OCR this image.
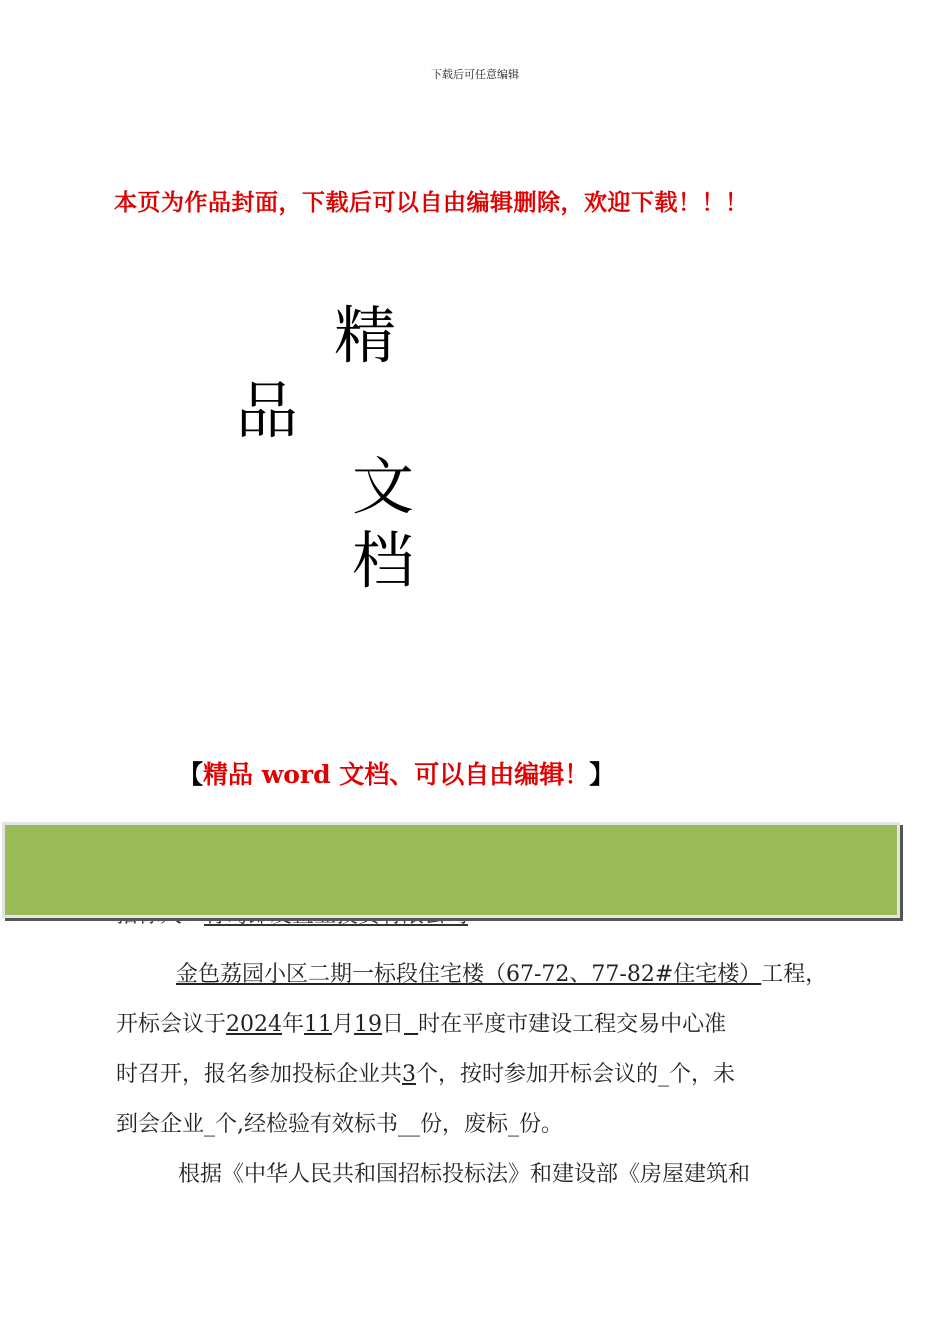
下载后可任意编辑
本页为作品封面，下载后可以自由编辑删除，欢迎下载！！！
精
品
文
档
【精品 word 文档、可以自由编辑！】
金色荔园小区二期一标段住宅楼（67-72、77-82#住宅楼）工程，
开标会议于2024年11月19日 时在平度市建设工程交易中心准
时召开，报名参加投标企业共3个，按时参加开标会议的_个，未
到会企业_个,经检验有效标书__份，废标_份。
根据《中华人民共和国招标投标法》和建设部《房屋建筑和
